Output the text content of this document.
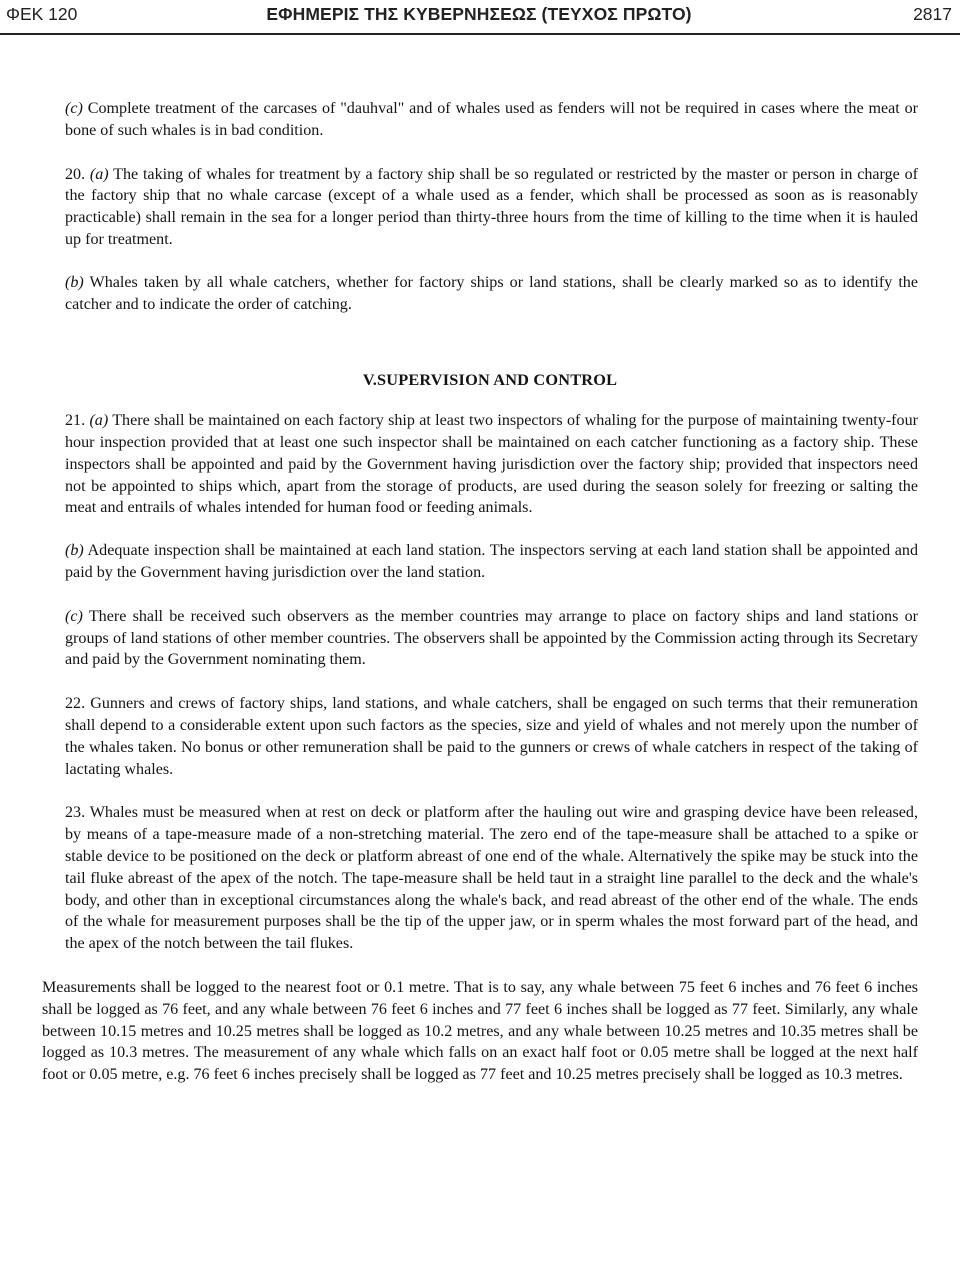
ΦΕΚ 120	ΕΦΗΜΕΡΙΣ ΤΗΣ ΚΥΒΕΡΝΗΣΕΩΣ (ΤΕΥΧΟΣ ΠΡΩΤΟ)	2817

(c) Complete treatment of the carcases of "dauhval" and of whales used as fenders will not be required in cases where the meat or bone of such whales is in bad condition.

20. (a) The taking of whales for treatment by a factory ship shall be so regulated or restricted by the master or person in charge of the factory ship that no whale carcase (except of a whale used as a fender, which shall be processed as soon as is reasonably practicable) shall remain in the sea for a longer period than thirty-three hours from the time of killing to the time when it is hauled up for treatment.

(b) Whales taken by all whale catchers, whether for factory ships or land stations, shall be clearly marked so as to identify the catcher and to indicate the order of catching.

V.SUPERVISION AND CONTROL

21. (a) There shall be maintained on each factory ship at least two inspectors of whaling for the purpose of maintaining twenty-four hour inspection provided that at least one such inspector shall be maintained on each catcher functioning as a factory ship. These inspectors shall be appointed and paid by the Government having jurisdiction over the factory ship; provided that inspectors need not be appointed to ships which, apart from the storage of products, are used during the season solely for freezing or salting the meat and entrails of whales intended for human food or feeding animals.

(b) Adequate inspection shall be maintained at each land station. The inspectors serving at each land station shall be appointed and paid by the Government having jurisdiction over the land station.

(c) There shall be received such observers as the member countries may arrange to place on factory ships and land stations or groups of land stations of other member countries. The observers shall be appointed by the Commission acting through its Secretary and paid by the Government nominating them.

22. Gunners and crews of factory ships, land stations, and whale catchers, shall be engaged on such terms that their remuneration shall depend to a considerable extent upon such factors as the species, size and yield of whales and not merely upon the number of the whales taken. No bonus or other remuneration shall be paid to the gunners or crews of whale catchers in respect of the taking of lactating whales.

23. Whales must be measured when at rest on deck or platform after the hauling out wire and grasping device have been released, by means of a tape-measure made of a non-stretching material. The zero end of the tape-measure shall be attached to a spike or stable device to be positioned on the deck or platform abreast of one end of the whale. Alternatively the spike may be stuck into the tail fluke abreast of the apex of the notch. The tape-measure shall be held taut in a straight line parallel to the deck and the whale's body, and other than in exceptional circumstances along the whale's back, and read abreast of the other end of the whale. The ends of the whale for measurement purposes shall be the tip of the upper jaw, or in sperm whales the most forward part of the head, and the apex of the notch between the tail flukes.

Measurements shall be logged to the nearest foot or 0.1 metre. That is to say, any whale between 75 feet 6 inches and 76 feet 6 inches shall be logged as 76 feet, and any whale between 76 feet 6 inches and 77 feet 6 inches shall be logged as 77 feet. Similarly, any whale between 10.15 metres and 10.25 metres shall be logged as 10.2 metres, and any whale between 10.25 metres and 10.35 metres shall be logged as 10.3 metres. The measurement of any whale which falls on an exact half foot or 0.05 metre shall be logged at the next half foot or 0.05 metre, e.g. 76 feet 6 inches precisely shall be logged as 77 feet and 10.25 metres precisely shall be logged as 10.3 metres.
